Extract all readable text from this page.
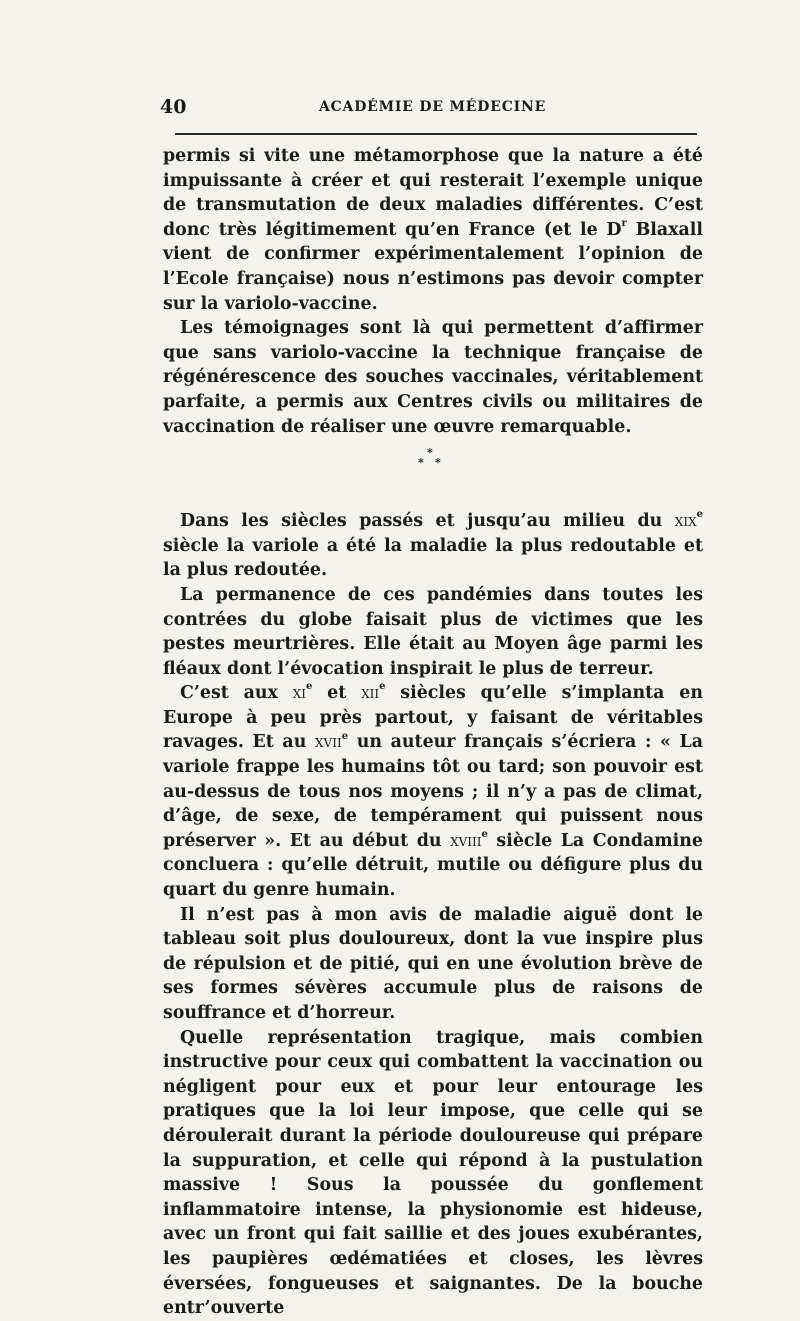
40	ACADÉMIE DE MÉDECINE

permis si vite une métamorphose que la nature a été impuissante à créer et qui resterait l’exemple unique de transmutation de deux maladies différentes. C’est donc très légitimement qu’en France (et le $D^r$ Blaxall vient de confirmer expérimentalement l’opinion de l’Ecole française) nous n’estimons pas devoir compter sur la variolo-vaccine.

Les témoignages sont là qui permettent d’affirmer que sans variolo-vaccine la technique française de régénérescence des souches vaccinales, véritablement parfaite, a permis aux Centres civils ou militaires de vaccination de réaliser une œuvre remarquable.

*
* *

Dans les siècles passés et jusqu’au milieu du xix$^e$ siècle la variole a été la maladie la plus redoutable et la plus redoutée.

La permanence de ces pandémies dans toutes les contrées du globe faisait plus de victimes que les pestes meurtrières. Elle était au Moyen âge parmi les fléaux dont l’évocation inspirait le plus de terreur.

C’est aux $xi^e$ et xii$^e$ siècles qu’elle s’implanta en Europe à peu près partout, y faisant de véritables ravages. Et au xvii$^e$ un auteur français s’écriera : « La variole frappe les humains tôt ou tard; son pouvoir est au-dessus de tous nos moyens ; il n’y a pas de climat, d’âge, de sexe, de tempérament qui puissent nous préserver ». Et au début du xviii$^e$ siècle La Condamine concluera : qu’elle détruit, mutile ou défigure plus du quart du genre humain.

Il n’est pas à mon avis de maladie aiguë dont le tableau soit plus douloureux, dont la vue inspire plus de répulsion et de pitié, qui en une évolution brève de ses formes sévères accumule plus de raisons de souffrance et d’horreur.

Quelle représentation tragique, mais combien instructive pour ceux qui combattent la vaccination ou négligent pour eux et pour leur entourage les pratiques que la loi leur impose, que celle qui se déroulerait durant la période douloureuse qui prépare la suppuration, et celle qui répond à la pustulation massive ! Sous la poussée du gonflement inflammatoire intense, la physionomie est hideuse, avec un front qui fait saillie et des joues exubérantes, les paupières œdématiées et closes, les lèvres éversées, fongueuses et saignantes. De la bouche entr’ouverte
